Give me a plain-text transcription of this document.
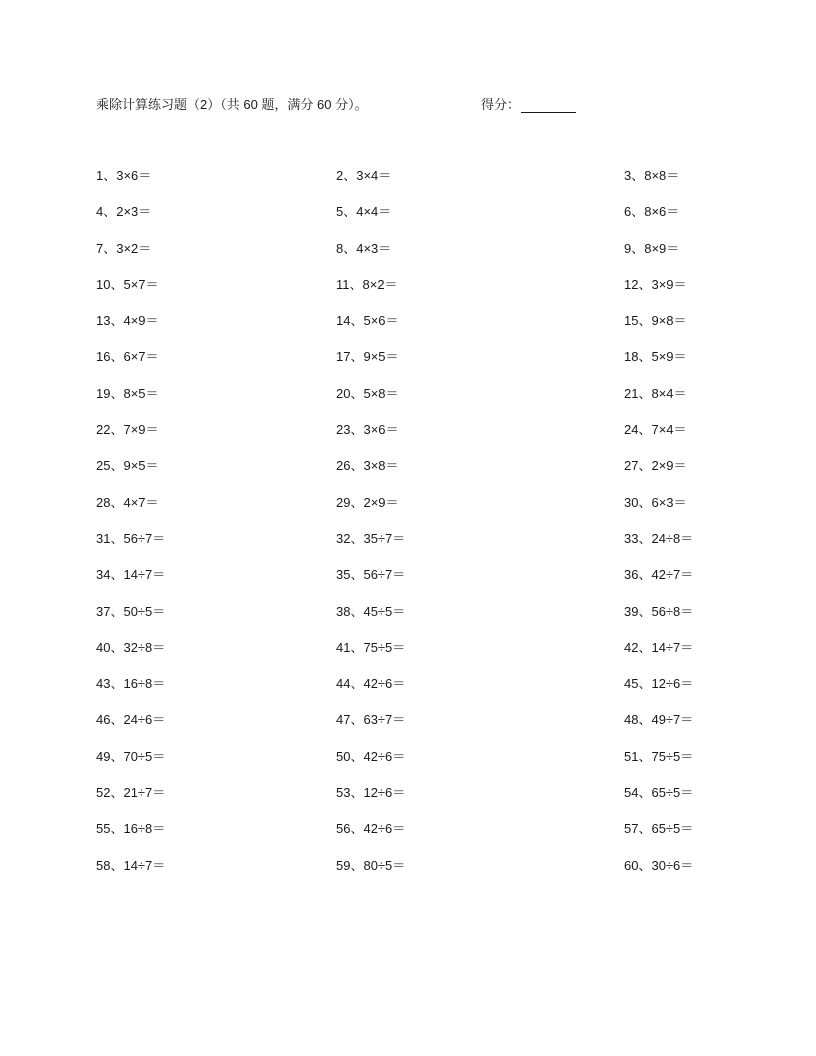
乘除计算练习题（2）（共 60 题，满分 60 分）。	得分：
1、3×6＝	2、3×4＝	3、8×8＝
4、2×3＝	5、4×4＝	6、8×6＝
7、3×2＝	8、4×3＝	9、8×9＝
10、5×7＝	11、8×2＝	12、3×9＝
13、4×9＝	14、5×6＝	15、9×8＝
16、6×7＝	17、9×5＝	18、5×9＝
19、8×5＝	20、5×8＝	21、8×4＝
22、7×9＝	23、3×6＝	24、7×4＝
25、9×5＝	26、3×8＝	27、2×9＝
28、4×7＝	29、2×9＝	30、6×3＝
31、56÷7＝	32、35÷7＝	33、24÷8＝
34、14÷7＝	35、56÷7＝	36、42÷7＝
37、50÷5＝	38、45÷5＝	39、56÷8＝
40、32÷8＝	41、75÷5＝	42、14÷7＝
43、16÷8＝	44、42÷6＝	45、12÷6＝
46、24÷6＝	47、63÷7＝	48、49÷7＝
49、70÷5＝	50、42÷6＝	51、75÷5＝
52、21÷7＝	53、12÷6＝	54、65÷5＝
55、16÷8＝	56、42÷6＝	57、65÷5＝
58、14÷7＝	59、80÷5＝	60、30÷6＝
